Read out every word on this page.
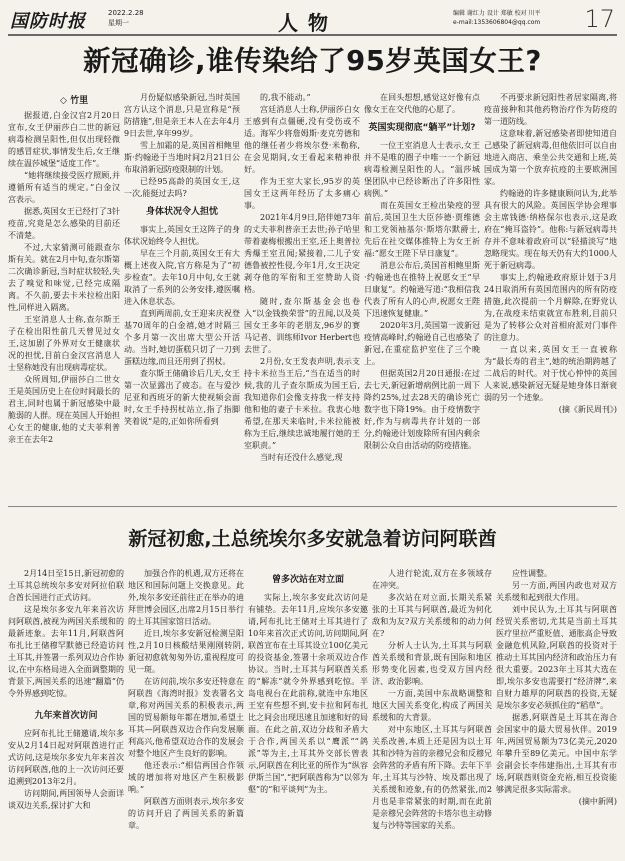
国防时报	2022.2.28
星期一	人物	编辑 谢红力 设计 郑敏 校对 川平
e-mail:1353606804@qq.com	17
新冠确诊,谁传染给了95岁英国女王?
◇ 竹里

据报道,白金汉宫2月20日宣布,女王伊丽莎白二世的新冠病毒检测呈阳性,但仅出现轻微的感冒症状,事情发生后,女王继续在温莎城堡“适度工作”。

“她将继续接受医疗照顾,并遵循所有适当的规定。”白金汉宫表示。

据悉,英国女王已经打了3针疫苗,究竟是怎么感染的目前还不清楚。

不过,大家猜测可能跟查尔斯有关。就在2月中旬,查尔斯第二次确诊新冠,当时症状较轻,失去了嗅觉和味觉,已经完成隔离。不久前,要去卡米拉检出阳性,同样进入隔离。

王室消息人士称,查尔斯王子在检出阳性前几天曾见过女王,这加剧了外界对女王健康状况的担忧,目前白金汉宫消息人士坚称她没有出现病毒症状。

众所周知,伊丽莎白二世女王是英国历史上在位时间最长的君主,同时也属于新冠感染中最脆弱的人群。现在英国人开始担心女王的健康,他的丈夫菲利普亲王在去年2

月份疑似感染新冠,当时英国宫方认这个消息,只是宣称是“预防措施”,但是亲王本人在去年4月9日去世,享年99岁。

雪上加霜的是,英国首相鲍里斯·约翰逊于当地时间2月21日公布取消新冠防疫限制的计划。

已经95高龄的英国女王,这一次,能挺过去吗?

身体状况令人担忧

事实上,英国女王这阵子的身体状况始终令人担忧。

早在三个月前,英国女王有大概上述夜入院,官方称是为了“初步检查”。去年10月中旬,女王就取消了一系列的公务安排,遵医嘱进入休息状态。

直到两周前,女王迎来庆祝登基70周年的白金禧,她才时隔三个多月第一次出席大型公开活动。当时,她切蛋糕只切了一刀到蛋糕边缘,而且还用到了拐杖。

查尔斯王储确诊后几天,女王第一次显露出了疲态。在与爱沙尼亚和西班牙的新大使视频会面时,女王手持拐杖站立,指了指脚笑着说“是的,正如你所看到

的,我不能动。”

宫廷消息人士称,伊丽莎白女王感到有点僵硬,没有受伤或不适。海军少将詹姆斯·麦克劳德和他的继任者少将埃尔登·米勒称,在会见期间,女王看起来精神很好。

作为王室大家长,95岁的英国女王这两年经历了太多痛心事。

2021年4月9日,陪伴她73年的丈夫菲利普亲王去世;孙子哈里带着妻梅根搬出王室,还上奥普拉秀爆王室丑闻;紧接着,二儿子安德鲁被控性侵,今年1月,女王决定剥夺他的军衔和王室赞助人资格。

随时,查尔斯基金会也卷入“以金钱换荣誉”的丑闻,以及英国女王多年的老朋友,96岁的赛马记者、训练师Ivor Herbert也去世了。

2月份,女王发表声明,表示支持卡米拉当王后,“当在适当的时候,我的儿子查尔斯成为国王后,我知道你们会像支持我一样支持他和他的妻子卡米拉。我衷心地希望,在那天来临时,卡米拉能被称为王后,继续忠诚地履行她的王室职责。”

当时有还没什么感觉,现

在回头想想,感觉这好像有点像女王在交代他的心愿了。

英国实现彻底“躺平”计划?

一位王室消息人士表示,女王并不是唯的圈子中唯一一个新冠病毒检测呈阳性的人。“温莎城堡团队中已经诊断出了许多阳性病例。”

而在英国女王检出染疫的翌前后,英国卫生大臣莎德·贾维德和工党领袖基尔·斯塔尔默爵士,先后在社交媒体推特上为女王祈福:“愿女王陛下早日康复”。

消息公布后,英国首相鲍里斯·约翰逊也在推特上祝愿女王“早日康复”。约翰逊写道:“我相信我代表了所有人的心声,祝愿女王陛下迅速恢复健康。”

2020年3月,英国第一波新冠疫情高峰时,约翰逊自己也感染了新冠,在重症监护室住了三个晚上。

但据英国2月20日通报:在过去七天,新冠新增病例比前一周下降约25%,过去28天的确诊死亡数字也下降19%。由于疫情数字好,作为与病毒共存计划的一部分,约翰逊计划废除所有国内剩余限制公众自由活动的防疫措施。

不再要求新冠阳性者居家隔离,将疫苗接种和其他药物治疗作为防疫的第一道防线。

这意味着,新冠感染者即使知道自己感染了新冠病毒,但他依旧可以自由地进入商店、乘坐公共交通和上班,英国成为第一个放弃抗疫的主要欧洲国家。

约翰逊的许多健康顾问认为,此举具有很大的风险。英国医学协会理事会主席钱德·纳格保尔也表示,这是政府在“掩耳盗铃”。他称:与新冠病毒共存并不意味着政府可以“轻描淡写”地忽略现实。现在每天仍有大约1000人死于新冠病毒。

事实上,约翰逊政府原计划于3月24日取消所有英国范围内的所有防疫措施,此次提前一个月解除,在野党认为,在战疫未结束就宣布胜利,目前只是为了转移公众对首相府派对门事件的注意力。

一直以来,英国女王一直被称为“最长寿的君主”,她的统治期跨越了二战后的时代。对于忧心忡忡的英国人来说,感染新冠无疑是她身体日渐衰弱的另一个迹象。

(摘《新民周刊》)

新冠初愈,土总统埃尔多安就急着访问阿联酋

2月14日至15日,新冠初愈的土耳其总统埃尔多安对阿拉伯联合酋长国进行正式访问。

这是埃尔多安九年来首次访问阿联酋,被视为两国关系缓和的最新迹象。去年11月,阿联酋阿布扎比王储穆罕默德已经造访问土耳其,并签署一系列双边合作协议,在中东格局进入全面调整期的背景下,两国关系的迅速“翻篇”仍令外界感到吃惊。

九年来首次访问

应阿布扎比王储邀请,埃尔多安从2月14日起对阿联酋进行正式访问,这是埃尔多安九年来首次访问阿联酋,他的上一次访问还要追溯到2013年2月。

访问期间,两国领导人会面详谈双边关系,探讨扩大和

加强合作的机遇,双方还将在地区和国际问题上交换意见。此外,埃尔多安还前往正在举办的迪拜世博会园区,出席2月15日举行的土耳其国家馆日活动。

近日,埃尔多安新冠检测呈阳性,2月10日核酸结果刚刚转阴,新冠初愈就匆匆外访,重视程度可见一斑。

在访问前,埃尔多安还特意在阿联酋《海湾时报》发表署名文章,称对两国关系的积极表示,两国的贸易额每年都在增加,希望土耳其—阿联酋双边合作向发展顺利高兴,他希望双边合作的发展会对整个地区产生良好的影响。

他还表示:“相信两国合作领域的增加将对地区产生积极影响。”

阿联酋方面则表示,埃尔多安的访问开启了两国关系的新篇章。

曾多次站在对立面

实际上,埃尔多安此次访问是有铺垫。去年11月,应埃尔多安邀请,阿布扎比王储对土耳其进行了10年来首次正式访问,访问期间,阿联酋宣布在土耳其设立100亿美元的投资基金,签署十余项双边合作协议。当时,土耳其与阿联酋关系的“解冻”就令外界感到吃惊。半岛电视台在此前称,就连中东地区王室有些想不到,安卡拉和阿布扎比之间会出现迅速且加速和好的局面。在此之前,双边分歧和矛盾大于合作,两国关系以“鹰派”“鸽派”等为主,土耳其外交部长曾表示,阿联酋在利比亚的所作为“纵容伊斯兰国”,“把阿联酋称为“以邻为壑”的“和平谈判”为主。

人进行轮流,双方在多领域存在冲突。

多次站在对立面,长期关系紧张的土耳其与阿联酋,最近为何化敌和为友?双方关系缓和的动力何在?

分析人士认为,土耳其与阿联酋关系缓和背景,既有国际和地区形势变化因素,也受双方国内经济、政治影响。

一方面,美国中东战略调整和地区大国关系变化,构成了两国关系缓和的大背景。

对中东地区,土耳其与阿联酋关系改善,本质上还是因为以土耳其和沙特为首的亲穆兄会和反穆兄会阵营的矛盾有所下降。去年下半年,土耳其与沙特、埃及都出现了关系缓和迹象,有的仍然紧张,而2月也是非常紧张的时期,而在此前是亲穆兄会阵营的卡塔尔也主动修复与沙特等国家的关系。

应性调整。

另一方面,两国内政也对双方关系缓和起到很大作用。

刘中民认为,土耳其与阿联酋经贸关系密切,尤其是当前土耳其医疗里拉严重贬值、通胀高企导致金融危机风险,阿联酋的投资对于推动土耳其国内经济和政治压力有很大重要。2023年土耳其大选在即,埃尔多安也需要打“经济牌”,来自财力雄厚的阿联酋的投资,无疑是埃尔多安必须抓住的“稻草”。

据悉,阿联酋是土耳其在海合会国家中的最大贸易伙伴。2019年,两国贸易额为73亿美元,2020年攀升至89亿美元。中国中东学会副会长李伟建指出,土耳其有市场,阿联酋则资金充裕,相互投资能够满足很多实际需求。

(摘中新网)
